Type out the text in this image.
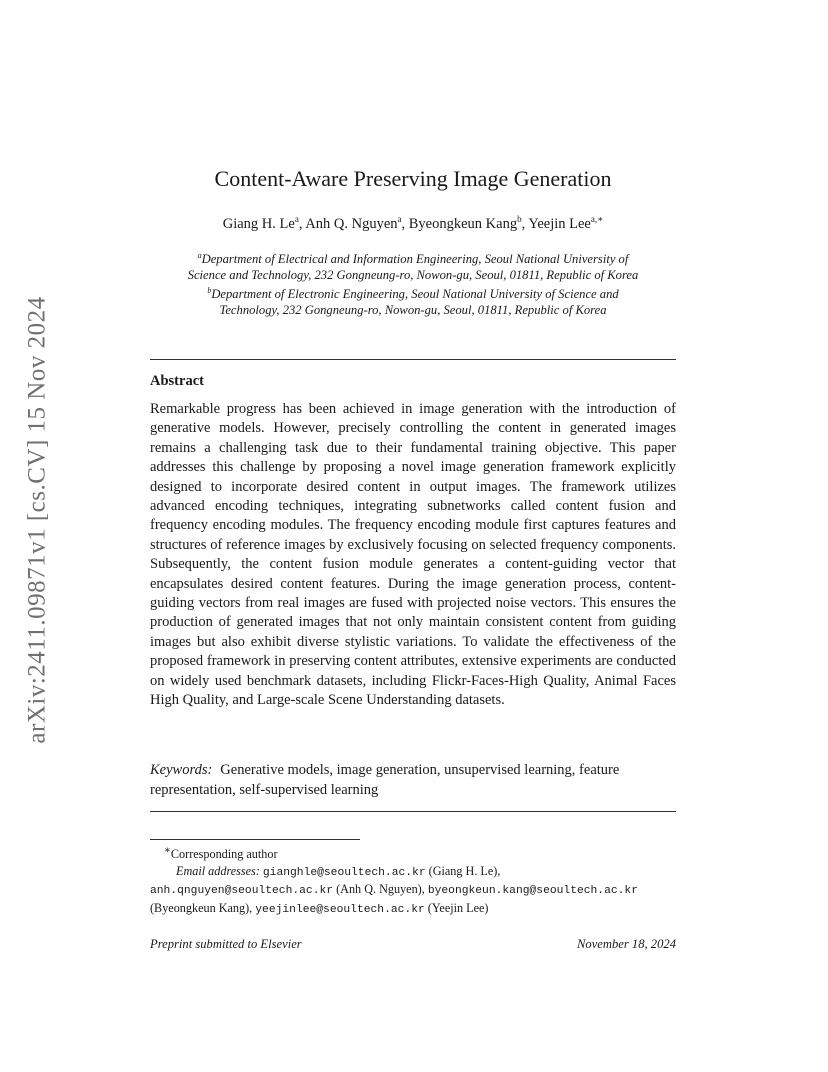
arXiv:2411.09871v1 [cs.CV] 15 Nov 2024
Content-Aware Preserving Image Generation
Giang H. Le$^a$, Anh Q. Nguyen$^a$, Byeongkeun Kang$^b$, Yeejin Lee$^{a,∗}$
$^a$Department of Electrical and Information Engineering, Seoul National University of
Science and Technology, 232 Gongneung-ro, Nowon-gu, Seoul, 01811, Republic of Korea
$^b$Department of Electronic Engineering, Seoul National University of Science and
Technology, 232 Gongneung-ro, Nowon-gu, Seoul, 01811, Republic of Korea
Abstract
Remarkable progress has been achieved in image generation with the introduction of generative models. However, precisely controlling the content in generated images remains a challenging task due to their fundamental training objective. This paper addresses this challenge by proposing a novel image generation framework explicitly designed to incorporate desired content in output images. The framework utilizes advanced encoding techniques, integrating subnetworks called content fusion and frequency encoding modules. The frequency encoding module first captures features and structures of reference images by exclusively focusing on selected frequency components. Subsequently, the content fusion module generates a content-guiding vector that encapsulates desired content features. During the image generation process, content-guiding vectors from real images are fused with projected noise vectors. This ensures the production of generated images that not only maintain consistent content from guiding images but also exhibit diverse stylistic variations. To validate the effectiveness of the proposed framework in preserving content attributes, extensive experiments are conducted on widely used benchmark datasets, including Flickr-Faces-High Quality, Animal Faces High Quality, and Large-scale Scene Understanding datasets.
Keywords: Generative models, image generation, unsupervised learning, feature representation, self-supervised learning
∗Corresponding author
Email addresses: gianghle@seoultech.ac.kr (Giang H. Le),
anh.qnguyen@seoultech.ac.kr (Anh Q. Nguyen), byeongkeun.kang@seoultech.ac.kr
(Byeongkeun Kang), yeejinlee@seoultech.ac.kr (Yeejin Lee)
Preprint submitted to Elsevier	November 18, 2024
